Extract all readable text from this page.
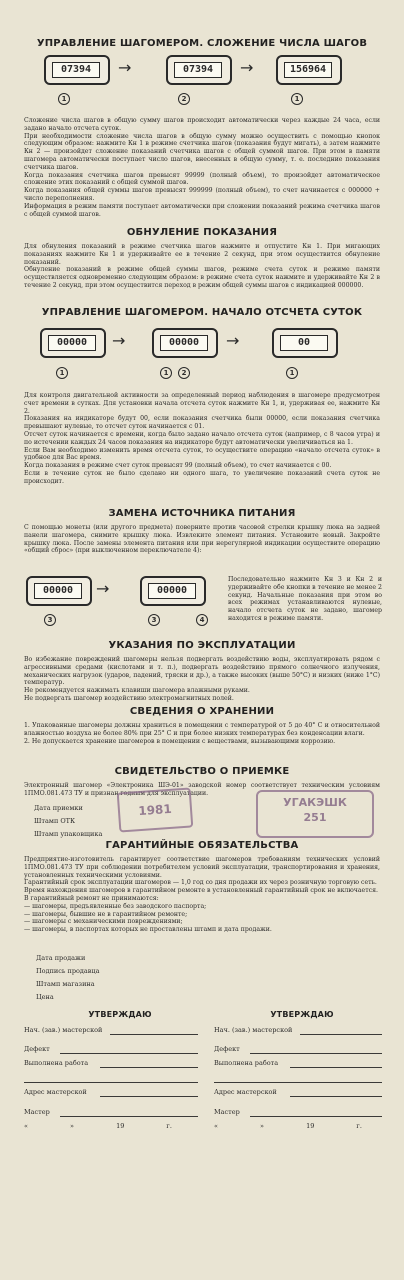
УПРАВЛЕНИЕ ШАГОМЕРОМ. СЛОЖЕНИЕ ЧИСЛА ШАГОВ
07394	→	07394	→	156964
1	2	1
Сложение числа шагов в общую сумму шагов происходит автоматически через каждые 24 часа, если задано начало отсчета суток.
При необходимости сложение числа шагов в общую сумму можно осуществить с помощью кнопок следующим образом: нажмите Кн 1 в режиме счетчика шагов (показания будут мигать), а затем нажмите Кн 2 — произойдет сложение показаний счетчика шагов с общей суммой шагов. При этом в памяти шагомера автоматически поступает число шагов, внесенных в общую сумму, т. е. последние показания счетчика шагов.
Когда показания счетчика шагов превысят 99999 (полный объем), то произойдет автоматическое сложение этих показаний с общей суммой шагов.
Когда показания общей суммы шагов превысят 999999 (полный объем), то счет начинается с 000000 + число переполнения.
Информация в режим памяти поступает автоматически при сложении показаний режима счетчика шагов с общей суммой шагов.
ОБНУЛЕНИЕ ПОКАЗАНИЯ
Для обнуления показаний в режиме счетчика шагов нажмите и отпустите Кн 1. При мигающих показаниях нажмите Кн 1 и удерживайте ее в течение 2 секунд, при этом осуществится обнуление показаний.
Обнуление показаний в режиме общей суммы шагов, режиме счета суток и режиме памяти осуществляется одновременно следующим образом: в режиме счета суток нажмите и удерживайте Кн 2 в течение 2 секунд, при этом осуществится переход в режим общей суммы шагов с индикацией 000000.
УПРАВЛЕНИЕ ШАГОМЕРОМ. НАЧАЛО ОТСЧЕТА СУТОК
00000	→	00000	→	00
1	1	2	1
Для контроля двигательной активности за определенный период наблюдения в шагомере предусмотрен счет времени в сутках. Для установки начала отсчета суток нажмите Кн 1, и, удерживая ее, нажмите Кн 2.
Показания на индикаторе будут 00, если показания счетчика были 00000, если показания счетчика превышают нулевые, то отсчет суток начинается с 01.
Отсчет суток начинается с времени, когда было задано начало отсчета суток (например, с 8 часов утра) и по истечении каждых 24 часов показания на индикаторе будут автоматически увеличиваться на 1.
Если Вам необходимо изменить время отсчета суток, то осуществите операцию «начало отсчета суток» в удобное для Вас время.
Когда показания в режиме счет суток превысят 99 (полный объем), то счет начинается с 00.
Если в течение суток не было сделано ни одного шага, то увеличение показаний счета суток не происходит.
ЗАМЕНА ИСТОЧНИКА ПИТАНИЯ
С помощью монеты (или другого предмета) поверните против часовой стрелки крышку люка на задней панели шагомера, снимите крышку люка. Извлеките элемент питания. Установите новый. Закройте крышку люка. После замены элемента питания или при нерегулярной индикации осуществите операцию «общий сброс» (при выключенном переключателе 4):
00000	→	00000
3	3	4
Последовательно нажмите Кн 3 и Кн 2 и удерживайте обе кнопки в течение не менее 2 секунд. Начальные показания при этом во всех режимах устанавливаются нулевые, начало отсчета суток не задано, шагомер находится в режиме памяти.
УКАЗАНИЯ ПО ЭКСПЛУАТАЦИИ
Во избежание повреждений шагомеры нельзя подвергать воздействию воды, эксплуатировать рядом с агрессивными средами (кислотами и т. п.), подвергать воздействию прямого солнечного излучения, механических нагрузок (ударов, падений, тряски и др.), а также высоких (выше 50°С) и низких (ниже 1°С) температур.
Не рекомендуется нажимать клавиши шагомера влажными руками.
Не подвергать шагомер воздействию электромагнитных полей.
СВЕДЕНИЯ О ХРАНЕНИИ
1. Упакованные шагомеры должны храниться в помещении с температурой от 5 до 40° С и относительной влажностью воздуха не более 80% при 25° С и при более низких температурах без конденсации влаги.
2. Не допускается хранение шагомеров в помещении с веществами, вызывающими коррозию.
СВИДЕТЕЛЬСТВО О ПРИЕМКЕ
Электронный шагомер «Электроника ШЭ-01» заводской номер соответствует техническим условиям 1ПМО.081.473 ТУ и признан годным для эксплуатации.
Дата приемки
Штамп ОТК
Штамп упаковщика
1981	УГАКЭШК
251
ГАРАНТИЙНЫЕ ОБЯЗАТЕЛЬСТВА
Предприятие-изготовитель гарантирует соответствие шагомеров требованиям технических условий 1ПМО.081.473 ТУ при соблюдении потребителем условий эксплуатации, транспортирования и хранения, установленных техническими условиями.
Гарантийный срок эксплуатации шагомеров — 1,0 год со дня продажи их через розничную торговую сеть.
Время нахождения шагомеров в гарантийном ремонте в установленный гарантийный срок не включается.
В гарантийный ремонт не принимаются:
— шагомеры, предъявленные без заводского паспорта;
— шагомеры, бывшие не в гарантийном ремонте;
— шагомеры с механическими повреждениями;
— шагомеры, в паспортах которых не проставлены штамп и дата продажи.
Дата продажи
Подпись продавца
Штамп магазина
Цена
УТВЕРЖДАЮ	УТВЕРЖДАЮ
Нач. (зав.) мастерской
Дефект
Выполнена работа
Адрес мастерской
Мастер
« » 19 г.
Нач. (зав.) мастерской
Дефект
Выполнена работа
Адрес мастерской
Мастер
« » 19 г.
